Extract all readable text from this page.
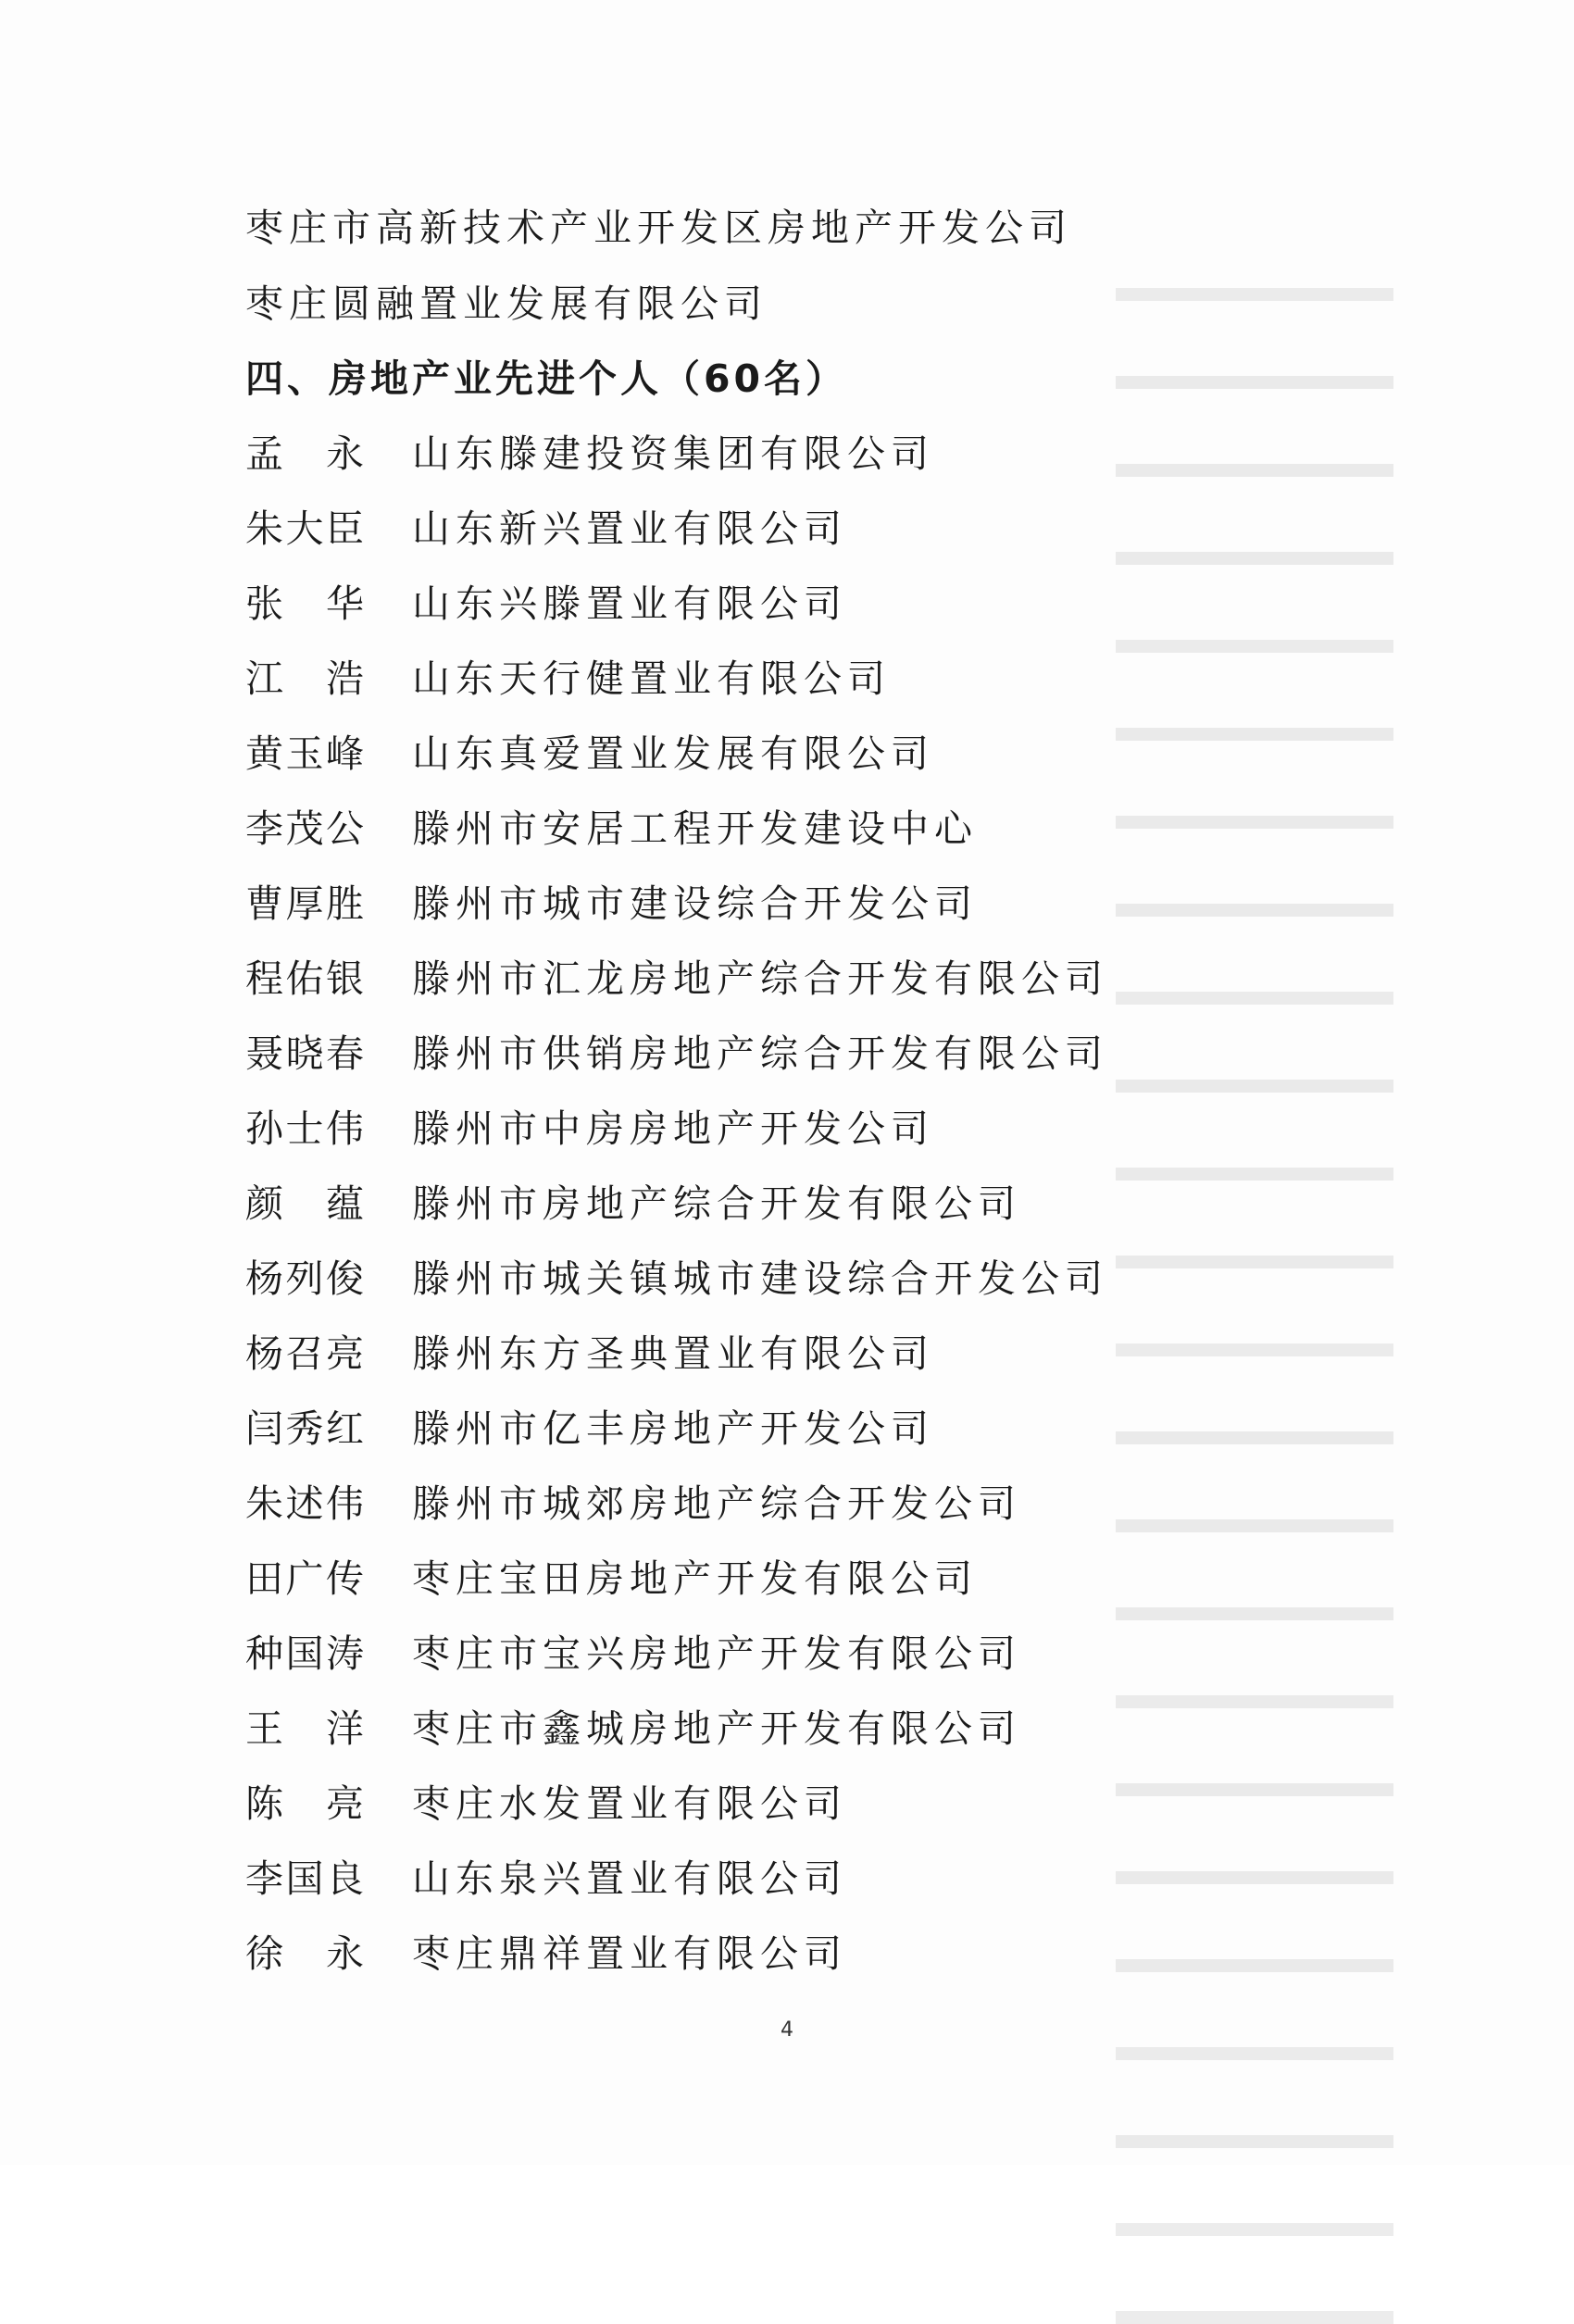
枣庄市高新技术产业开发区房地产开发公司
枣庄圆融置业发展有限公司
四、房地产业先进个人（60名）
孟永 山东滕建投资集团有限公司
朱大臣 山东新兴置业有限公司
张华 山东兴滕置业有限公司
江浩 山东天行健置业有限公司
黄玉峰 山东真爱置业发展有限公司
李茂公 滕州市安居工程开发建设中心
曹厚胜 滕州市城市建设综合开发公司
程佑银 滕州市汇龙房地产综合开发有限公司
聂晓春 滕州市供销房地产综合开发有限公司
孙士伟 滕州市中房房地产开发公司
颜蕴 滕州市房地产综合开发有限公司
杨列俊 滕州市城关镇城市建设综合开发公司
杨召亮 滕州东方圣典置业有限公司
闫秀红 滕州市亿丰房地产开发公司
朱述伟 滕州市城郊房地产综合开发公司
田广传 枣庄宝田房地产开发有限公司
种国涛 枣庄市宝兴房地产开发有限公司
王洋 枣庄市鑫城房地产开发有限公司
陈亮 枣庄水发置业有限公司
李国良 山东泉兴置业有限公司
徐永 枣庄鼎祥置业有限公司
4
